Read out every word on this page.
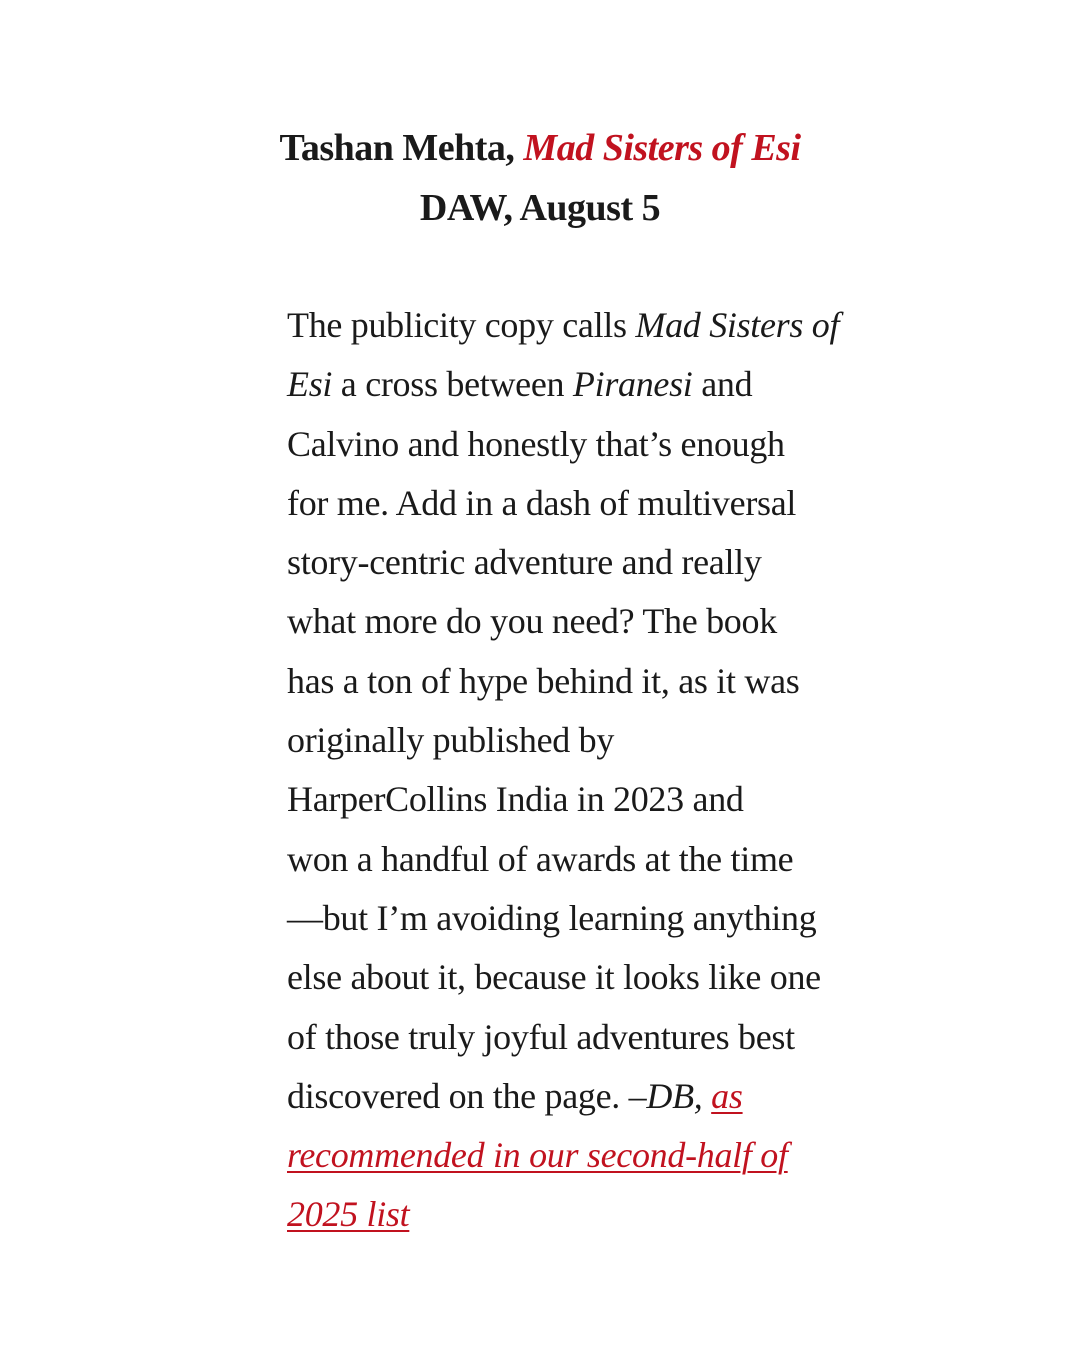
Tashan Mehta, Mad Sisters of Esi
DAW, August 5
The publicity copy calls Mad Sisters of
Esi a cross between Piranesi and
Calvino and honestly that’s enough
for me. Add in a dash of multiversal
story-centric adventure and really
what more do you need? The book
has a ton of hype behind it, as it was
originally published by
HarperCollins India in 2023 and
won a handful of awards at the time
—but I’m avoiding learning anything
else about it, because it looks like one
of those truly joyful adventures best
discovered on the page. –DB, as
recommended in our second-half of
2025 list
